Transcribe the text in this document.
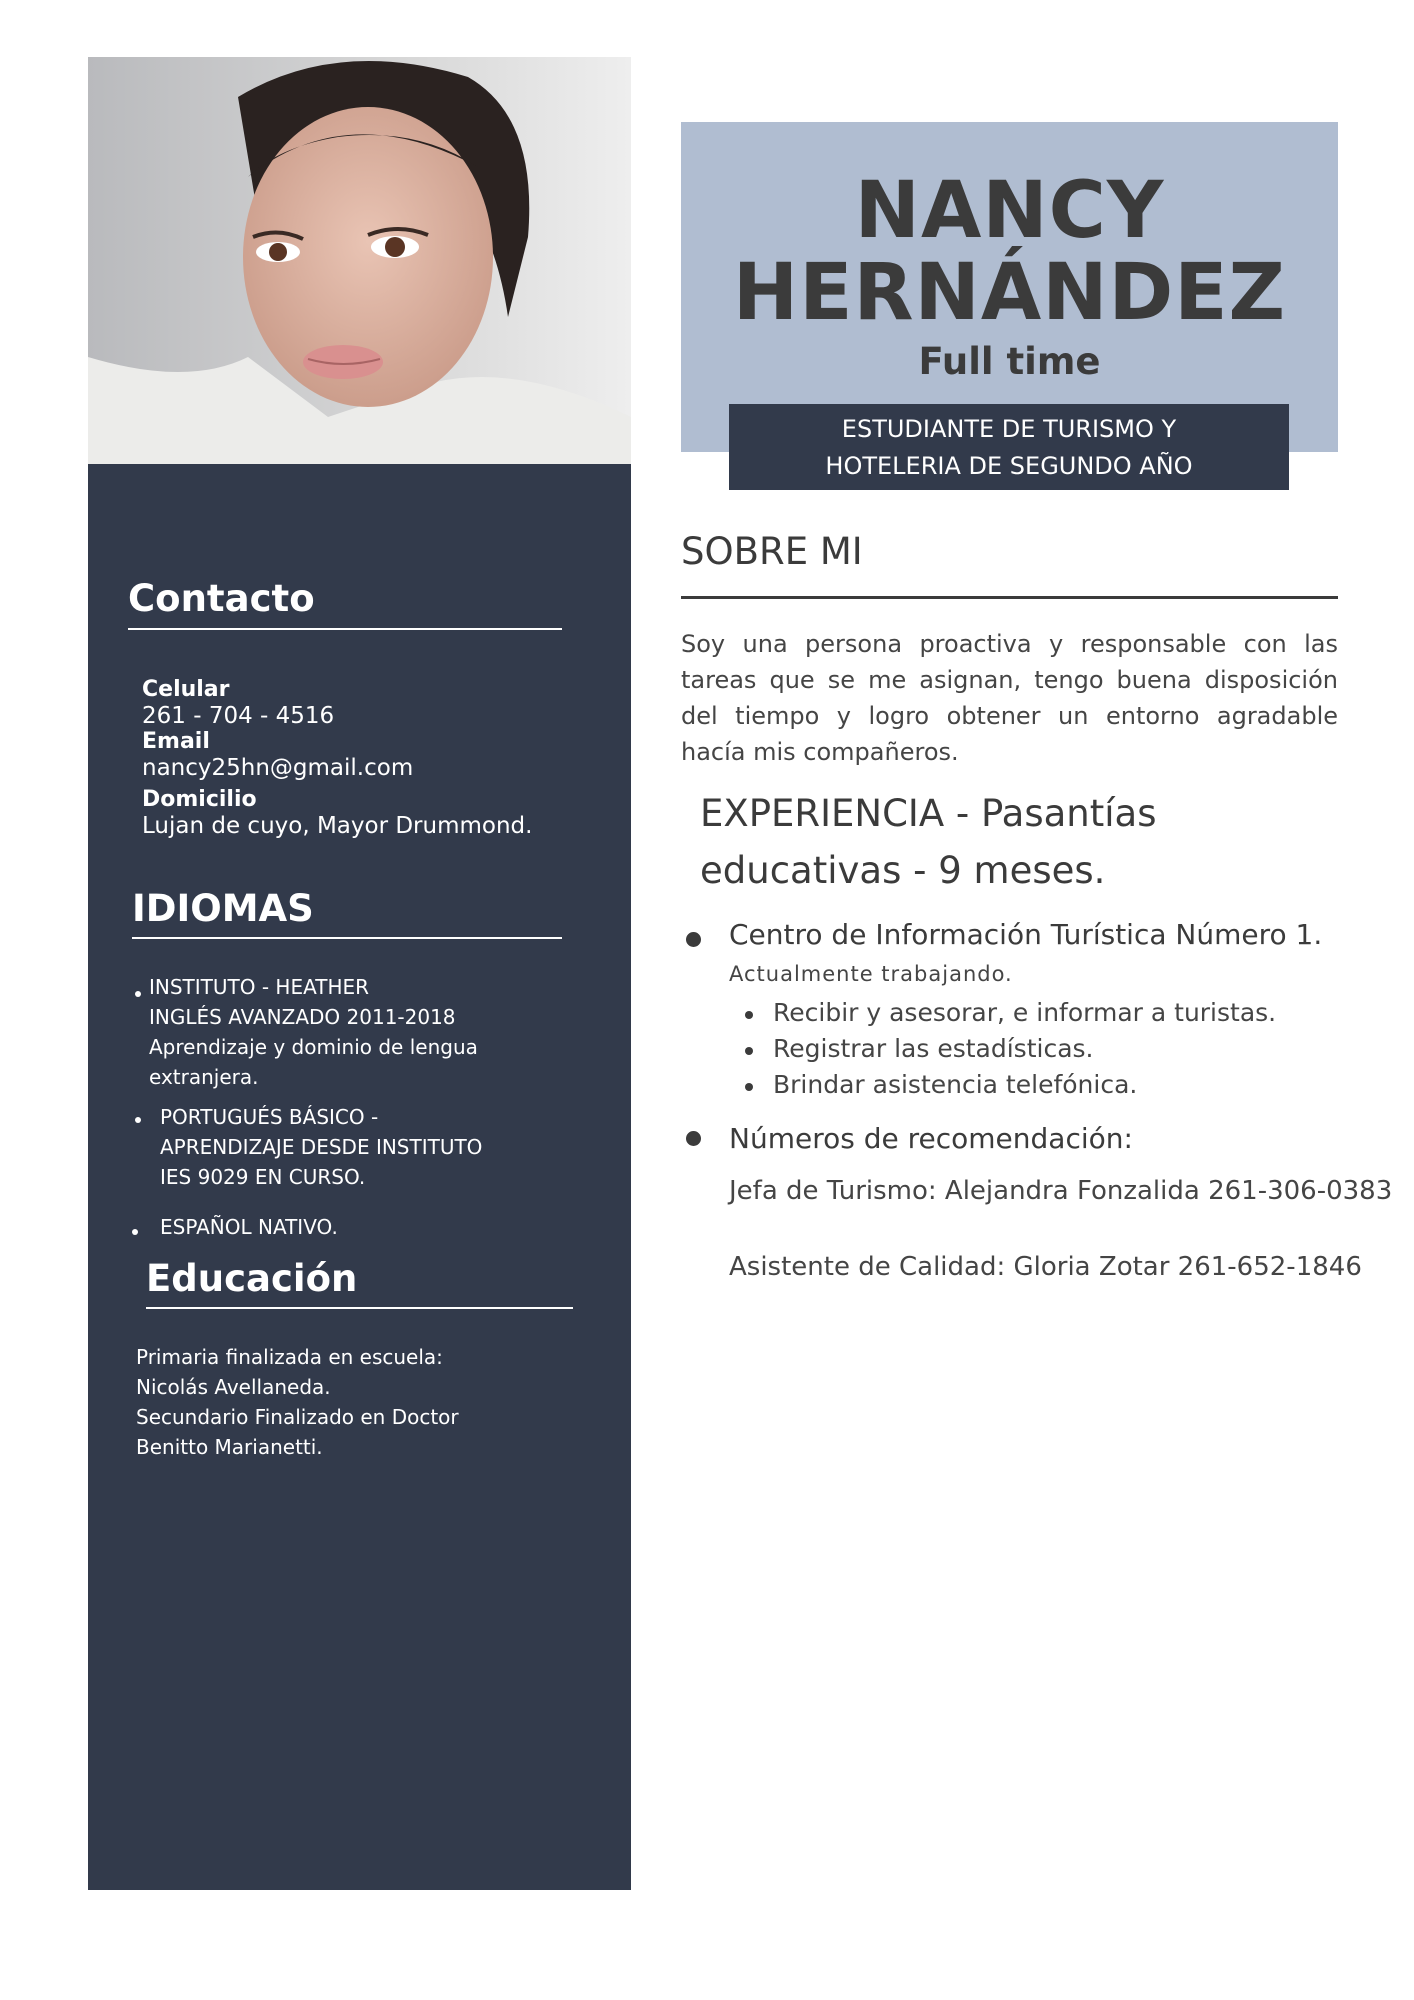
Contacto
Celular
261 - 704 - 4516
Email
nancy25hn@gmail.com
Domicilio
Lujan de cuyo, Mayor Drummond.
IDIOMAS
INSTITUTO - HEATHER
INGLÉS AVANZADO 2011-2018
Aprendizaje y dominio de lengua
extranjera.
PORTUGUÉS BÁSICO -
APRENDIZAJE DESDE INSTITUTO
IES 9029 EN CURSO.
ESPAÑOL NATIVO.
Educación
Primaria finalizada en escuela:
Nicolás Avellaneda.
Secundario Finalizado en Doctor
Benitto Marianetti.
NANCY
HERNÁNDEZ
Full time
ESTUDIANTE DE TURISMO Y
HOTELERIA DE SEGUNDO AÑO
SOBRE MI
Soy una persona proactiva y responsable con las tareas que se me asignan, tengo buena disposición del tiempo y logro obtener un entorno agradable hacía mis compañeros.
EXPERIENCIA - Pasantías
educativas - 9 meses.
Centro de Información Turística Número 1.
Actualmente trabajando.
Recibir y asesorar, e informar a turistas.
Registrar las estadísticas.
Brindar asistencia telefónica.
Números de recomendación:
Jefa de Turismo: Alejandra Fonzalida 261-306-0383
Asistente de Calidad: Gloria Zotar 261-652-1846
